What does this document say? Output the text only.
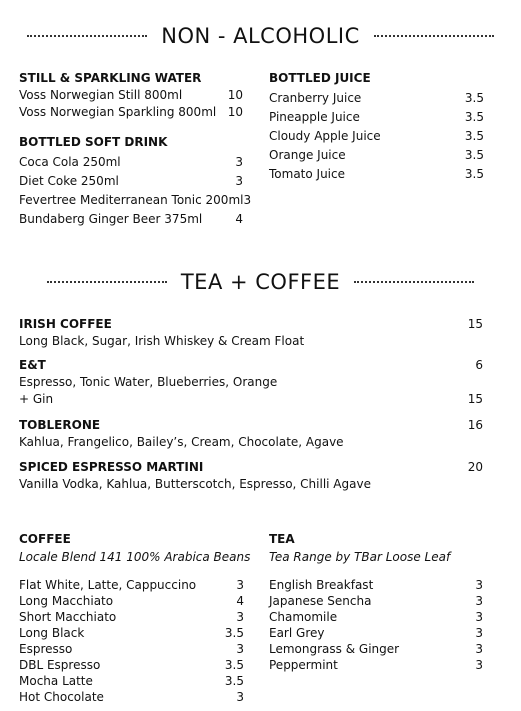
NON - ALCOHOLIC
STILL & SPARKLING WATER
Voss Norwegian Still 800ml	10
Voss Norwegian Sparkling 800ml 10
BOTTLED SOFT DRINK
Coca Cola 250ml	3
Diet Coke 250ml	3
Fevertree Mediterranean Tonic 200ml 3
Bundaberg Ginger Beer 375ml	4
BOTTLED JUICE
Cranberry Juice	3.5
Pineapple Juice	3.5
Cloudy Apple Juice	3.5
Orange Juice	3.5
Tomato Juice	3.5
TEA + COFFEE
IRISH COFFEE	15
Long Black, Sugar, Irish Whiskey & Cream Float
E&T	6
Espresso, Tonic Water, Blueberries, Orange
+ Gin	15
TOBLERONE	16
Kahlua, Frangelico, Bailey’s, Cream, Chocolate, Agave
SPICED ESPRESSO MARTINI	20
Vanilla Vodka, Kahlua, Butterscotch, Espresso, Chilli Agave
COFFEE
Locale Blend 141 100% Arabica Beans
Flat White, Latte, Cappuccino	3
Long Macchiato	4
Short Macchiato	3
Long Black	3.5
Espresso	3
DBL Espresso	3.5
Mocha Latte	3.5
Hot Chocolate	3
TEA
Tea Range by TBar Loose Leaf
English Breakfast	3
Japanese Sencha	3
Chamomile	3
Earl Grey	3
Lemongrass & Ginger	3
Peppermint	3
